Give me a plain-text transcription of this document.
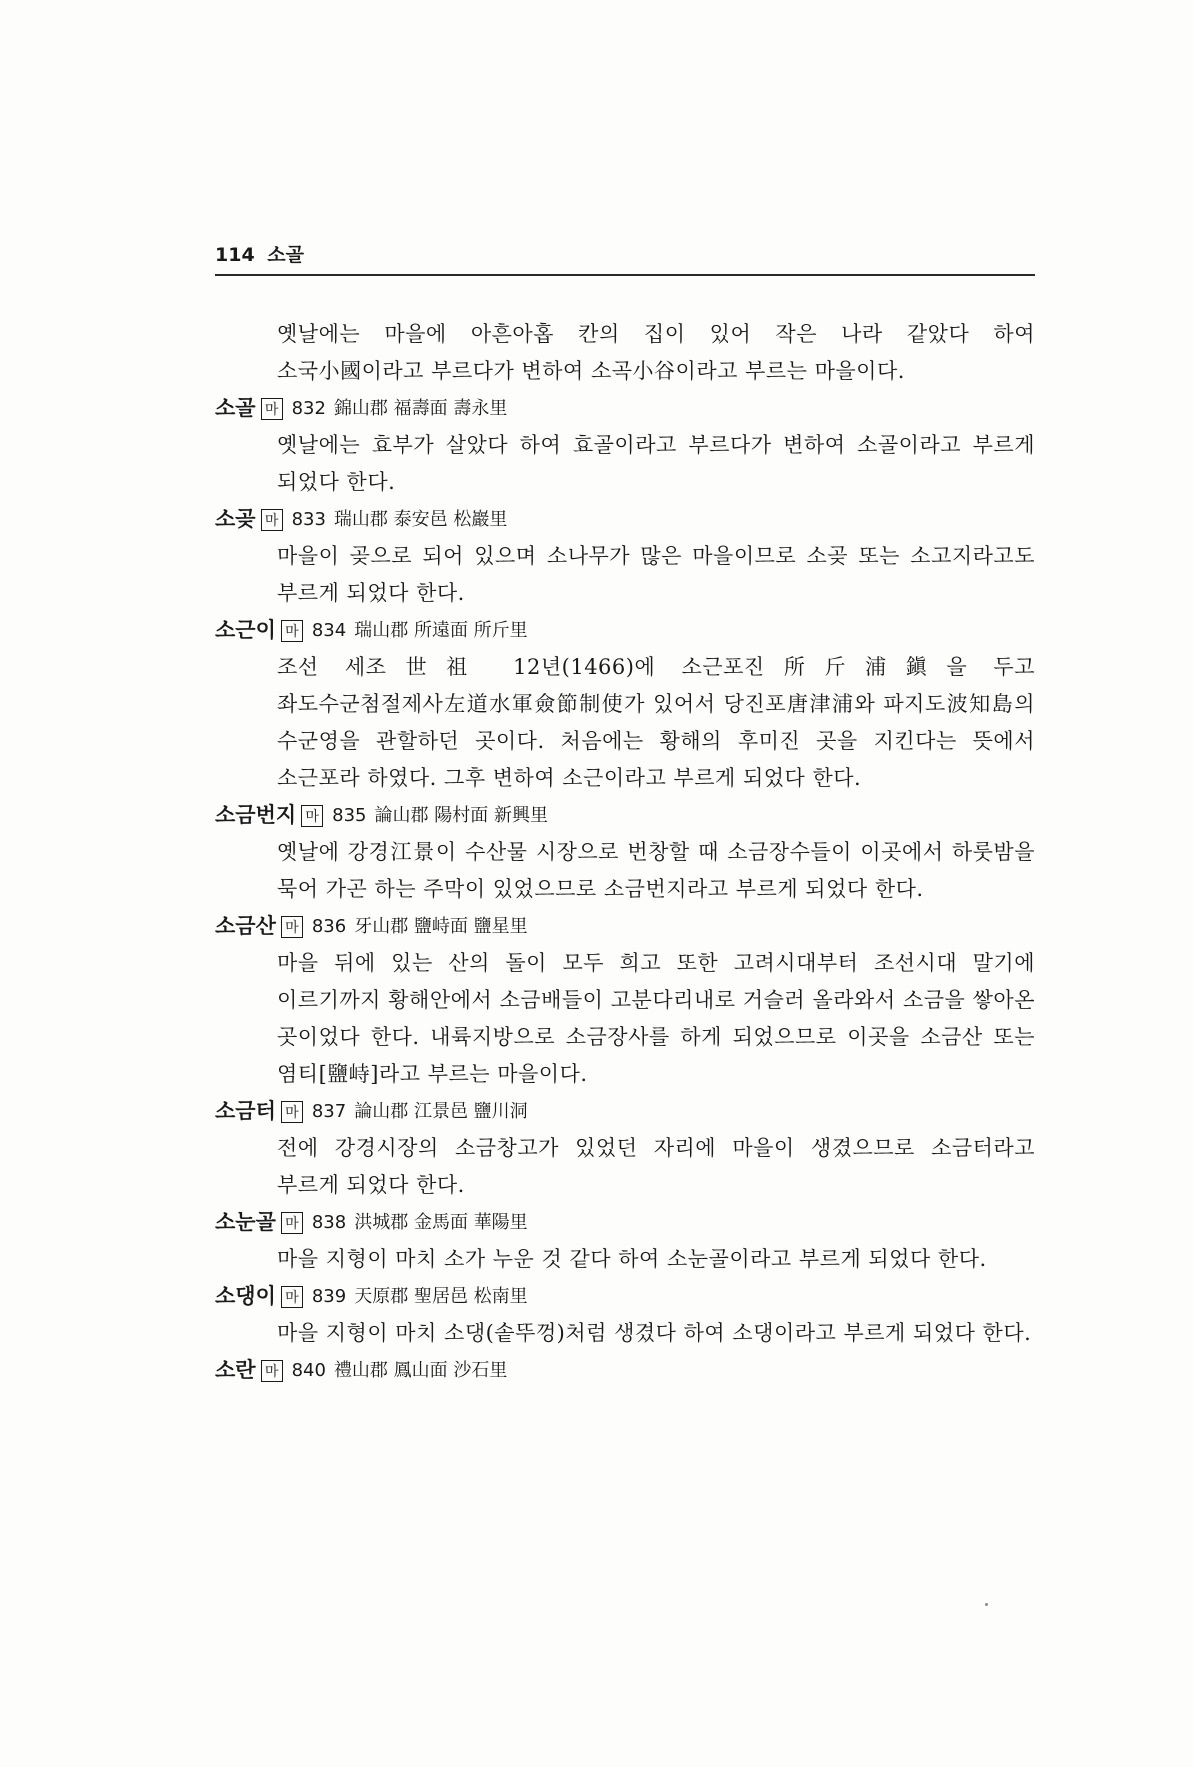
114 소골
옛날에는 마을에 아흔아홉 칸의 집이 있어 작은 나라 같았다 하여 소국小國이라고 부르다가 변하여 소곡小谷이라고 부르는 마을이다.
소골 마 832 錦山郡 福壽面 壽永里
옛날에는 효부가 살았다 하여 효골이라고 부르다가 변하여 소골이라고 부르게 되었다 한다.
소곶 마 833 瑞山郡 泰安邑 松巖里
마을이 곶으로 되어 있으며 소나무가 많은 마을이므로 소곶 또는 소고지라고도 부르게 되었다 한다.
소근이 마 834 瑞山郡 所遠面 所斤里
조선 세조世祖 12년(1466)에 소근포진所斤浦鎭을 두고 좌도수군첨절제사左道水軍僉節制使가 있어서 당진포唐津浦와 파지도波知島의 수군영을 관할하던 곳이다. 처음에는 황해의 후미진 곳을 지킨다는 뜻에서 소근포라 하였다. 그후 변하여 소근이라고 부르게 되었다 한다.
소금번지 마 835 論山郡 陽村面 新興里
옛날에 강경江景이 수산물 시장으로 번창할 때 소금장수들이 이곳에서 하룻밤을 묵어 가곤 하는 주막이 있었으므로 소금번지라고 부르게 되었다 한다.
소금산 마 836 牙山郡 鹽峙面 鹽星里
마을 뒤에 있는 산의 돌이 모두 희고 또한 고려시대부터 조선시대 말기에 이르기까지 황해안에서 소금배들이 고분다리내로 거슬러 올라와서 소금을 쌓아온 곳이었다 한다. 내륙지방으로 소금장사를 하게 되었으므로 이곳을 소금산 또는 염티[鹽峙]라고 부르는 마을이다.
소금터 마 837 論山郡 江景邑 鹽川洞
전에 강경시장의 소금창고가 있었던 자리에 마을이 생겼으므로 소금터라고 부르게 되었다 한다.
소눈골 마 838 洪城郡 金馬面 華陽里
마을 지형이 마치 소가 누운 것 같다 하여 소눈골이라고 부르게 되었다 한다.
소댕이 마 839 天原郡 聖居邑 松南里
마을 지형이 마치 소댕(솥뚜껑)처럼 생겼다 하여 소댕이라고 부르게 되었다 한다.
소란 마 840 禮山郡 鳳山面 沙石里
